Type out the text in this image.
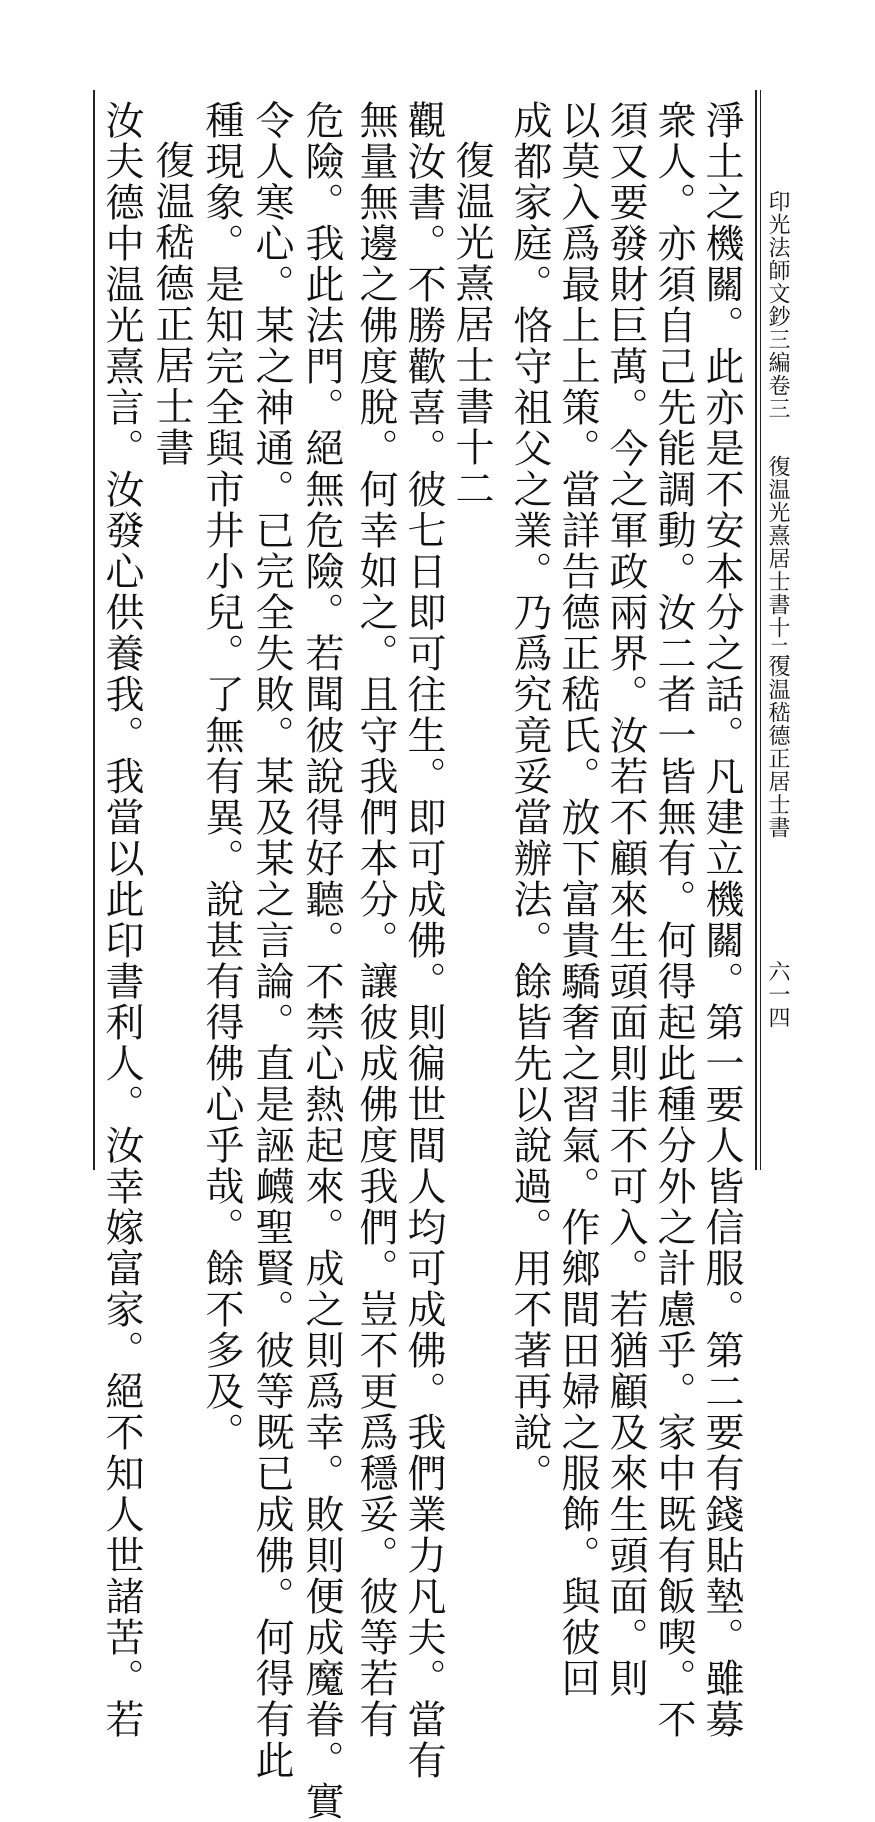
印光法師文鈔三編卷三
復温光熹居士書十二
復温嵇德正居士書
六一四
淨土之機關。此亦是不安本分之話。凡建立機關。第一要人皆信服。第二要有錢貼墊。雖募
衆人。亦須自己先能調動。汝二者一皆無有。何得起此種分外之計慮乎。家中既有飯喫。不
須又要發財巨萬。今之軍政兩界。汝若不顧來生頭面則非不可入。若猶顧及來生頭面。則
以莫入爲最上上策。當詳告德正嵇氏。放下富貴驕奢之習氣。作鄉間田婦之服飾。與彼回
成都家庭。恪守祖父之業。乃爲究竟妥當辦法。餘皆先以說過。用不著再說。
復温光熹居士書十二
觀汝書。不勝歡喜。彼七日即可往生。即可成佛。則徧世間人均可成佛。我們業力凡夫。當有
無量無邊之佛度脫。何幸如之。且守我們本分。讓彼成佛度我們。豈不更爲穩妥。彼等若有
危險。我此法門。絕無危險。若聞彼說得好聽。不禁心熱起來。成之則爲幸。敗則便成魔眷。實
令人寒心。某之神通。已完全失敗。某及某之言論。直是誣衊聖賢。彼等既已成佛。何得有此
種現象。是知完全與市井小兒。了無有異。說甚有得佛心乎哉。餘不多及。
復温嵇德正居士書
汝夫德中温光熹言。汝發心供養我。我當以此印書利人。汝幸嫁富家。絕不知人世諸苦。若
